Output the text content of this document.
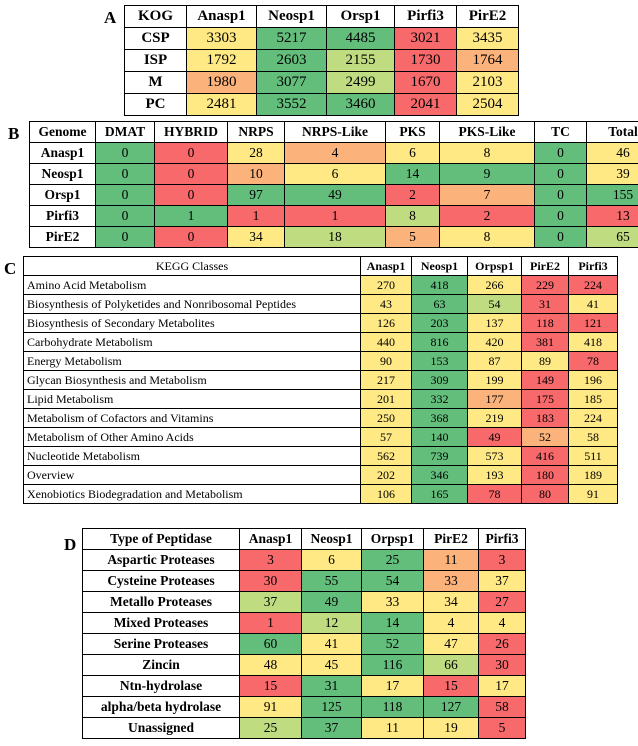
A KOG	Anasp1	Neosp1	Orsp1	Pirfi3	PirE2
CSP	3303	5217	4485	3021	3435
ISP	1792	2603	2155	1730	1764
M	1980	3077	2499	1670	2103
PC	2481	3552	3460	2041	2504
B Genome	DMAT	HYBRID	NRPS	NRPS-Like	PKS	PKS-Like	TC	Total
Anasp1	0	0	28	4	6	8	0	46
Neosp1	0	0	10	6	14	9	0	39
Orsp1	0	0	97	49	2	7	0	155
Pirfi3	0	1	1	1	8	2	0	13
PirE2	0	0	34	18	5	8	0	65
C	KEGG Classes	Anasp1	Neosp1	Orpsp1	PirE2	Pirfi3
Amino Acid Metabolism	270	418	266	229	224
Biosynthesis of Polyketides and Nonribosomal Peptides	43	63	54	31	41
Biosynthesis of Secondary Metabolites	126	203	137	118	121
Carbohydrate Metabolism	440	816	420	381	418
Energy Metabolism	90	153	87	89	78
Glycan Biosynthesis and Metabolism	217	309	199	149	196
Lipid Metabolism	201	332	177	175	185
Metabolism of Cofactors and Vitamins	250	368	219	183	224
Metabolism of Other Amino Acids	57	140	49	52	58
Nucleotide Metabolism	562	739	573	416	511
Overview	202	346	193	180	189
Xenobiotics Biodegradation and Metabolism	106	165	78	80	91
D	Type of Peptidase	Anasp1	Neosp1	Orpsp1	PirE2	Pirfi3
Aspartic Proteases	3	6	25	11	3
Cysteine Proteases	30	55	54	33	37
Metallo Proteases	37	49	33	34	27
Mixed Proteases	1	12	14	4	4
Serine Proteases	60	41	52	47	26
Zincin	48	45	116	66	30
Ntn-hydrolase	15	31	17	15	17
alpha/beta hydrolase	91	125	118	127	58
Unassigned	25	37	11	19	5
